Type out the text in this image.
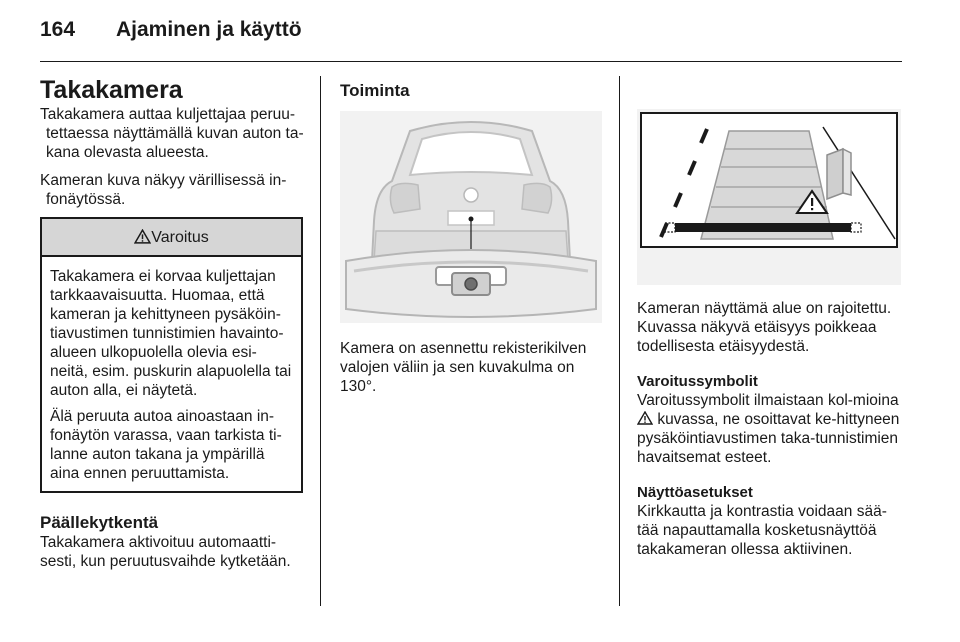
164 Ajaminen ja käyttö
Takakamera
Takakamera auttaa kuljettajaa peruu-tettaessa näyttämällä kuvan auton ta-kana olevasta alueesta.
Kameran kuva näkyy värillisessä in-fonäytössä.
Varoitus
Takakamera ei korvaa kuljettajan tarkkaavaisuutta. Huomaa, että kameran ja kehittyneen pysäköin-tiavustimen tunnistimien havainto-alueen ulkopuolella olevia esi-neitä, esim. puskurin alapuolella tai auton alla, ei näytetä.
Älä peruuta autoa ainoastaan in-fonäytön varassa, vaan tarkista ti-lanne auton takana ja ympärillä aina ennen peruuttamista.
Päällekytkentä
Takakamera aktivoituu automaatti-sesti, kun peruutusvaihde kytketään.
Toiminta
Kamera on asennettu rekisterikilven valojen väliin ja sen kuvakulma on 130°.
Kameran näyttämä alue on rajoitettu. Kuvassa näkyvä etäisyys poikkeaa todellisesta etäisyydestä.
Varoitussymbolit
Varoitussymbolit ilmaistaan kol-mioina  kuvassa, ne osoittavat ke-hittyneen pysäköintiavustimen taka-tunnistimien havaitsemat esteet.
Näyttöasetukset
Kirkkautta ja kontrastia voidaan sää-tää napauttamalla kosketusnäyttöä takakameran ollessa aktiivinen.
